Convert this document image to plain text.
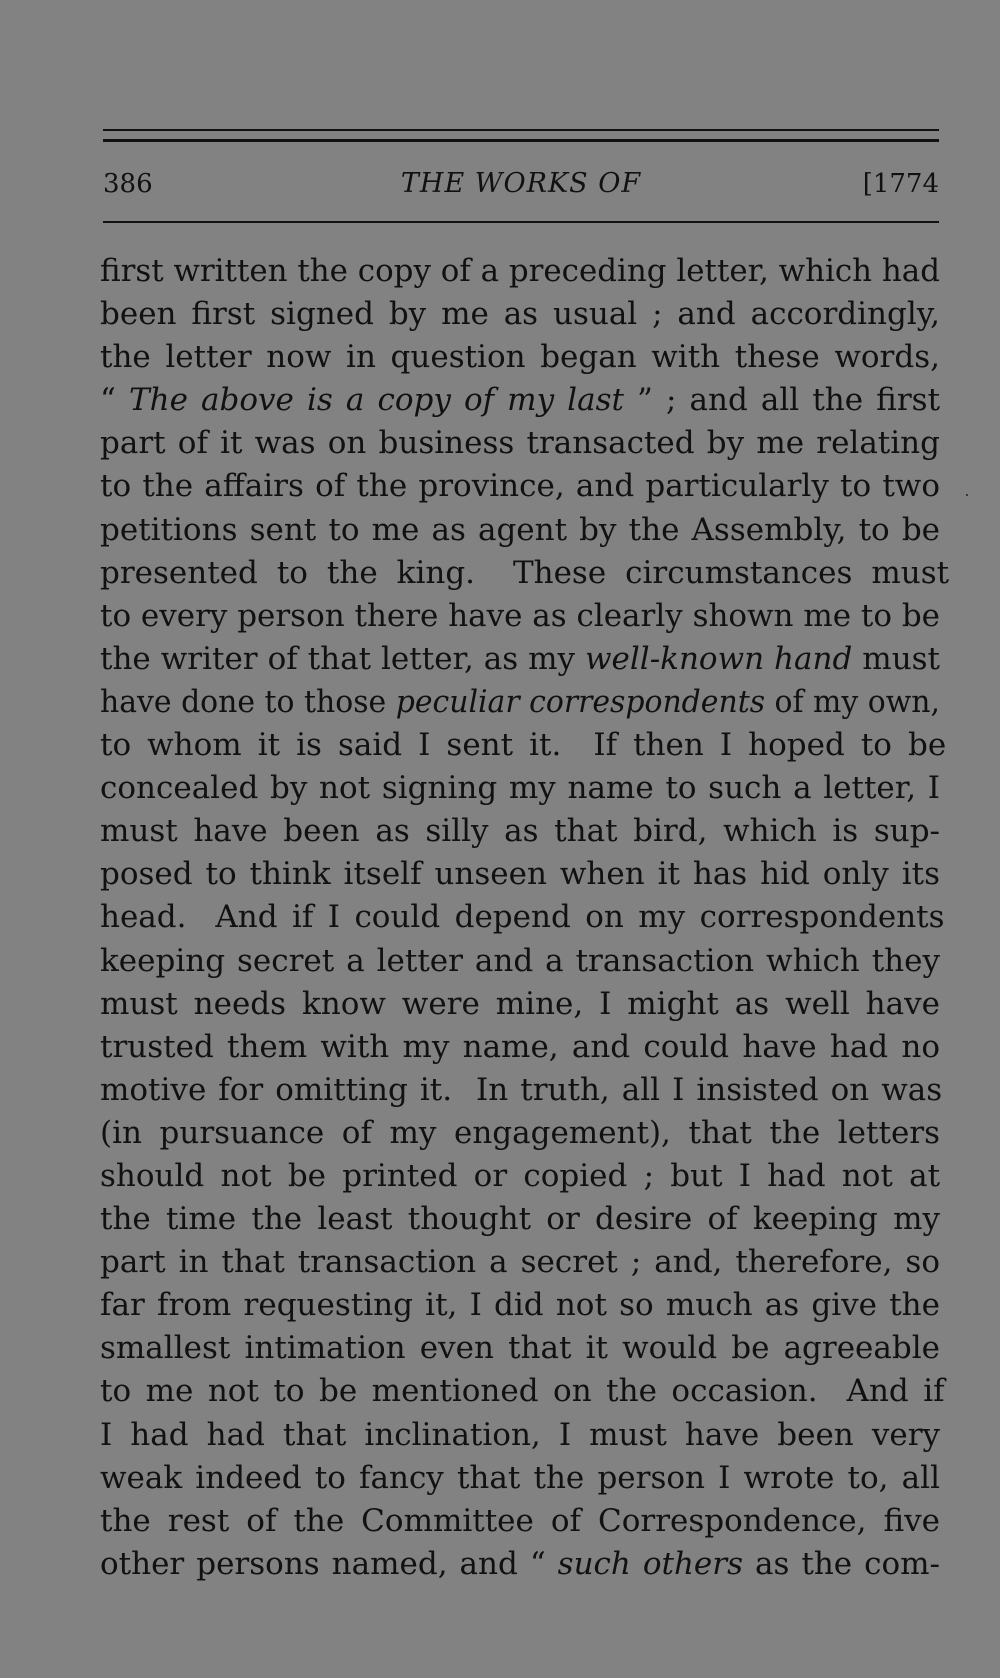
386	THE WORKS OF	[1774
first written the copy of a preceding letter, which had
been first signed by me as usual ; and accordingly,
the letter now in question began with these words,
“ The above is a copy of my last ” ; and all the first
part of it was on business transacted by me relating
to the affairs of the province, and particularly to two
petitions sent to me as agent by the Assembly, to be
presented to the king.  These circumstances must
to every person there have as clearly shown me to be
the writer of that letter, as my well-known hand must
have done to those peculiar correspondents of my own,
to whom it is said I sent it.  If then I hoped to be
concealed by not signing my name to such a letter, I
must have been as silly as that bird, which is sup-
posed to think itself unseen when it has hid only its
head.  And if I could depend on my correspondents
keeping secret a letter and a transaction which they
must needs know were mine, I might as well have
trusted them with my name, and could have had no
motive for omitting it.  In truth, all I insisted on was
(in pursuance of my engagement), that the letters
should not be printed or copied ; but I had not at
the time the least thought or desire of keeping my
part in that transaction a secret ; and, therefore, so
far from requesting it, I did not so much as give the
smallest intimation even that it would be agreeable
to me not to be mentioned on the occasion.  And if
I had had that inclination, I must have been very
weak indeed to fancy that the person I wrote to, all
the rest of the Committee of Correspondence, five
other persons named, and “ such others as the com-
